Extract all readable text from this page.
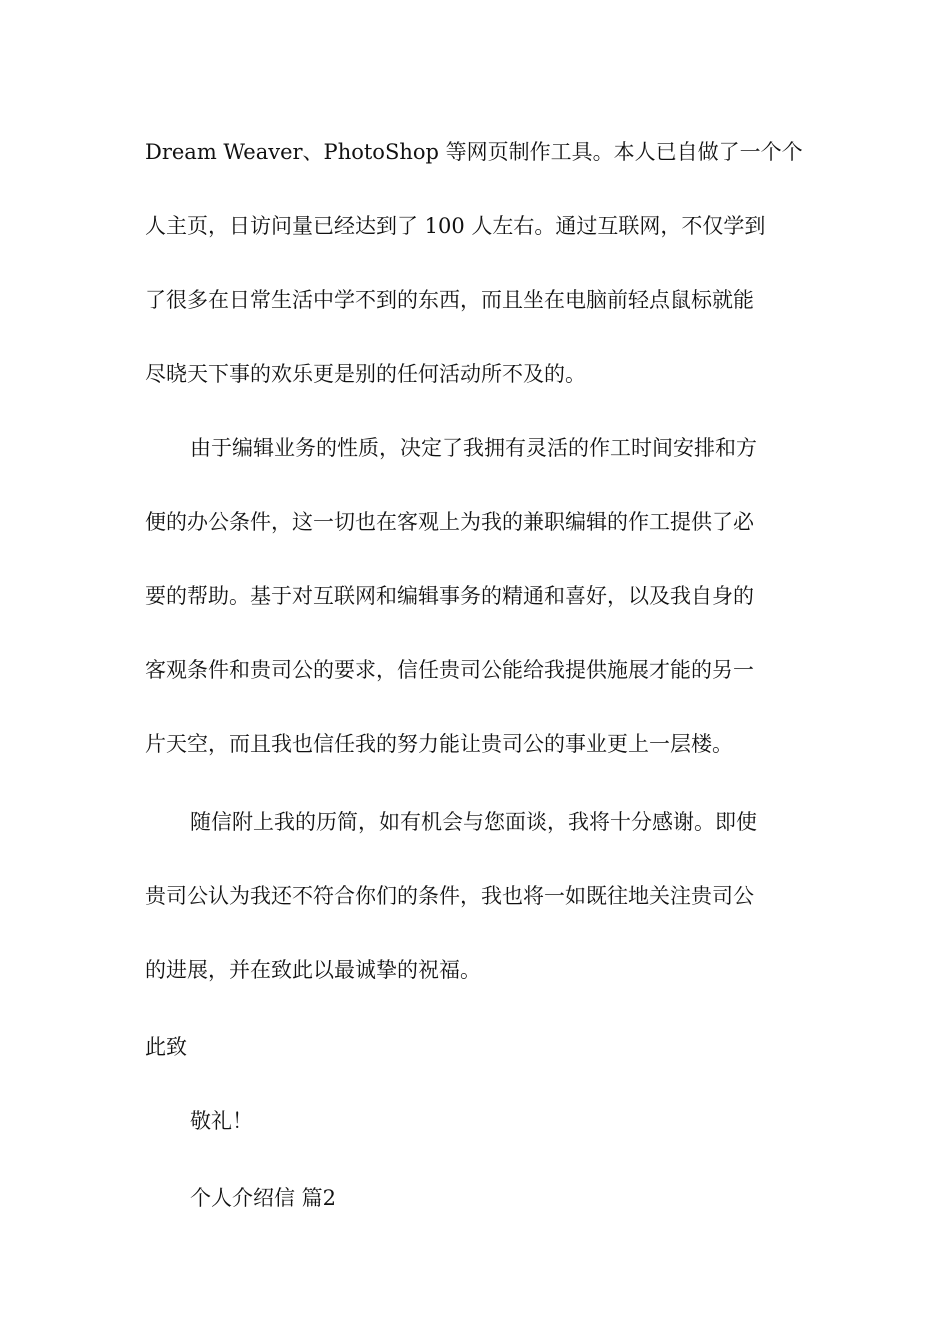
Dream Weaver、PhotoShop 等网页制作工具。本人已自做了一个个
人主页，日访问量已经达到了 100 人左右。通过互联网，不仅学到
了很多在日常生活中学不到的东西，而且坐在电脑前轻点鼠标就能
尽晓天下事的欢乐更是别的任何活动所不及的。
由于编辑业务的性质，决定了我拥有灵活的作工时间安排和方
便的办公条件，这一切也在客观上为我的兼职编辑的作工提供了必
要的帮助。基于对互联网和编辑事务的精通和喜好，以及我自身的
客观条件和贵司公的要求，信任贵司公能给我提供施展才能的另一
片天空，而且我也信任我的努力能让贵司公的事业更上一层楼。
随信附上我的历简，如有机会与您面谈，我将十分感谢。即使
贵司公认为我还不符合你们的条件，我也将一如既往地关注贵司公
的进展，并在致此以最诚挚的祝福。
此致
敬礼！
个人介绍信 篇2
